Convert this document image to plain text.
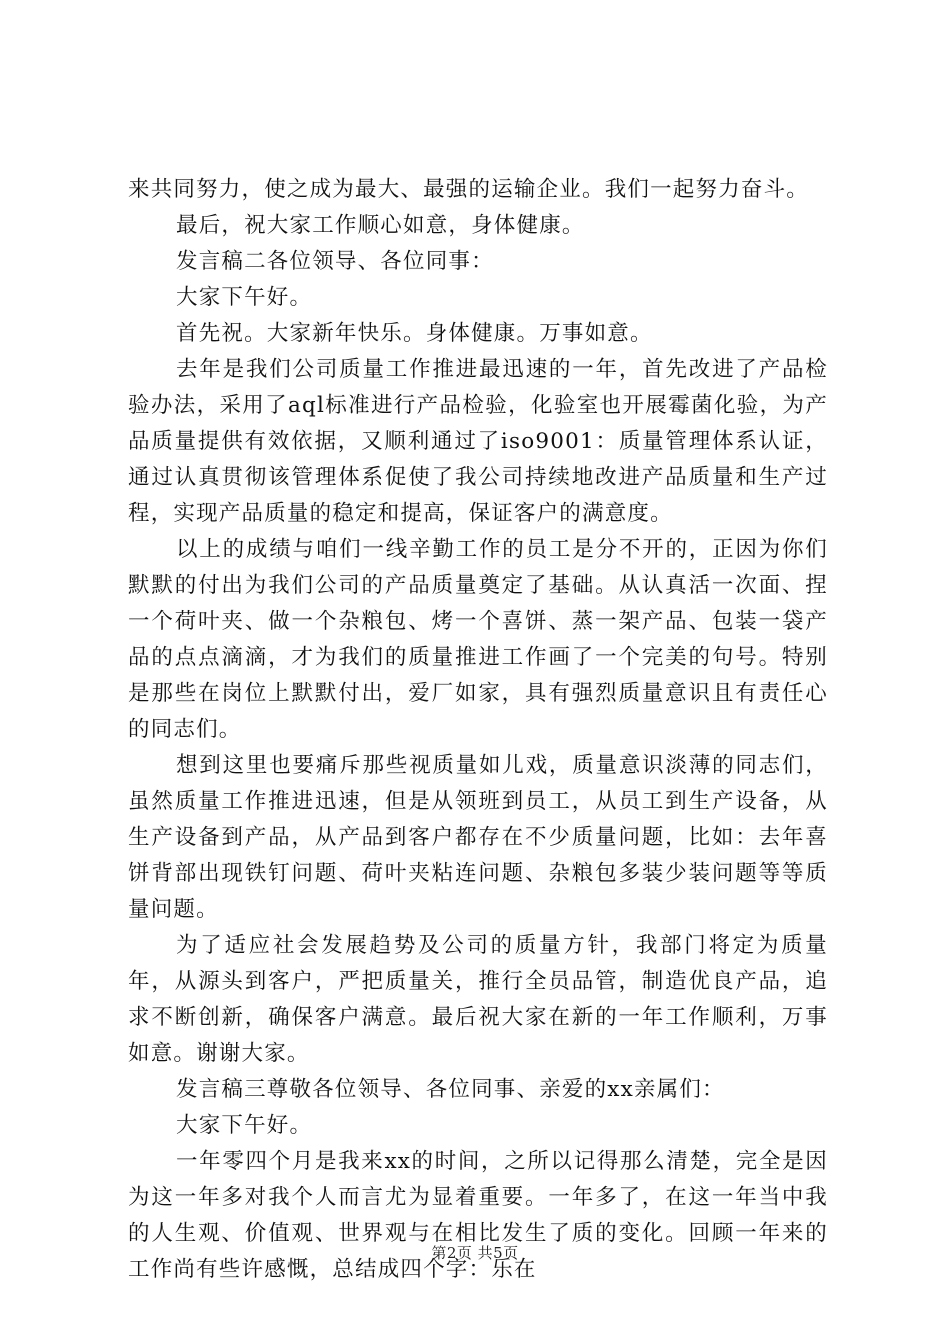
来共同努力，使之成为最大、最强的运输企业。我们一起努力奋斗。

最后，祝大家工作顺心如意，身体健康。

发言稿二各位领导、各位同事：

大家下午好。

首先祝。大家新年快乐。身体健康。万事如意。

去年是我们公司质量工作推进最迅速的一年，首先改进了产品检验办法，采用了aql标准进行产品检验，化验室也开展霉菌化验，为产品质量提供有效依据，又顺利通过了iso9001：质量管理体系认证，通过认真贯彻该管理体系促使了我公司持续地改进产品质量和生产过程，实现产品质量的稳定和提高，保证客户的满意度。

以上的成绩与咱们一线辛勤工作的员工是分不开的，正因为你们默默的付出为我们公司的产品质量奠定了基础。从认真活一次面、捏一个荷叶夹、做一个杂粮包、烤一个喜饼、蒸一架产品、包装一袋产品的点点滴滴，才为我们的质量推进工作画了一个完美的句号。特别是那些在岗位上默默付出，爱厂如家，具有强烈质量意识且有责任心的同志们。

想到这里也要痛斥那些视质量如儿戏，质量意识淡薄的同志们，虽然质量工作推进迅速，但是从领班到员工，从员工到生产设备，从生产设备到产品，从产品到客户都存在不少质量问题，比如：去年喜饼背部出现铁钉问题、荷叶夹粘连问题、杂粮包多装少装问题等等质量问题。

为了适应社会发展趋势及公司的质量方针，我部门将定为质量年，从源头到客户，严把质量关，推行全员品管，制造优良产品，追求不断创新，确保客户满意。最后祝大家在新的一年工作顺利，万事如意。谢谢大家。

发言稿三尊敬各位领导、各位同事、亲爱的xx亲属们：

大家下午好。

一年零四个月是我来xx的时间，之所以记得那么清楚，完全是因为这一年多对我个人而言尤为显着重要。一年多了，在这一年当中我的人生观、价值观、世界观与在相比发生了质的变化。回顾一年来的工作尚有些许感慨，总结成四个字：乐在

第2页 共5页
